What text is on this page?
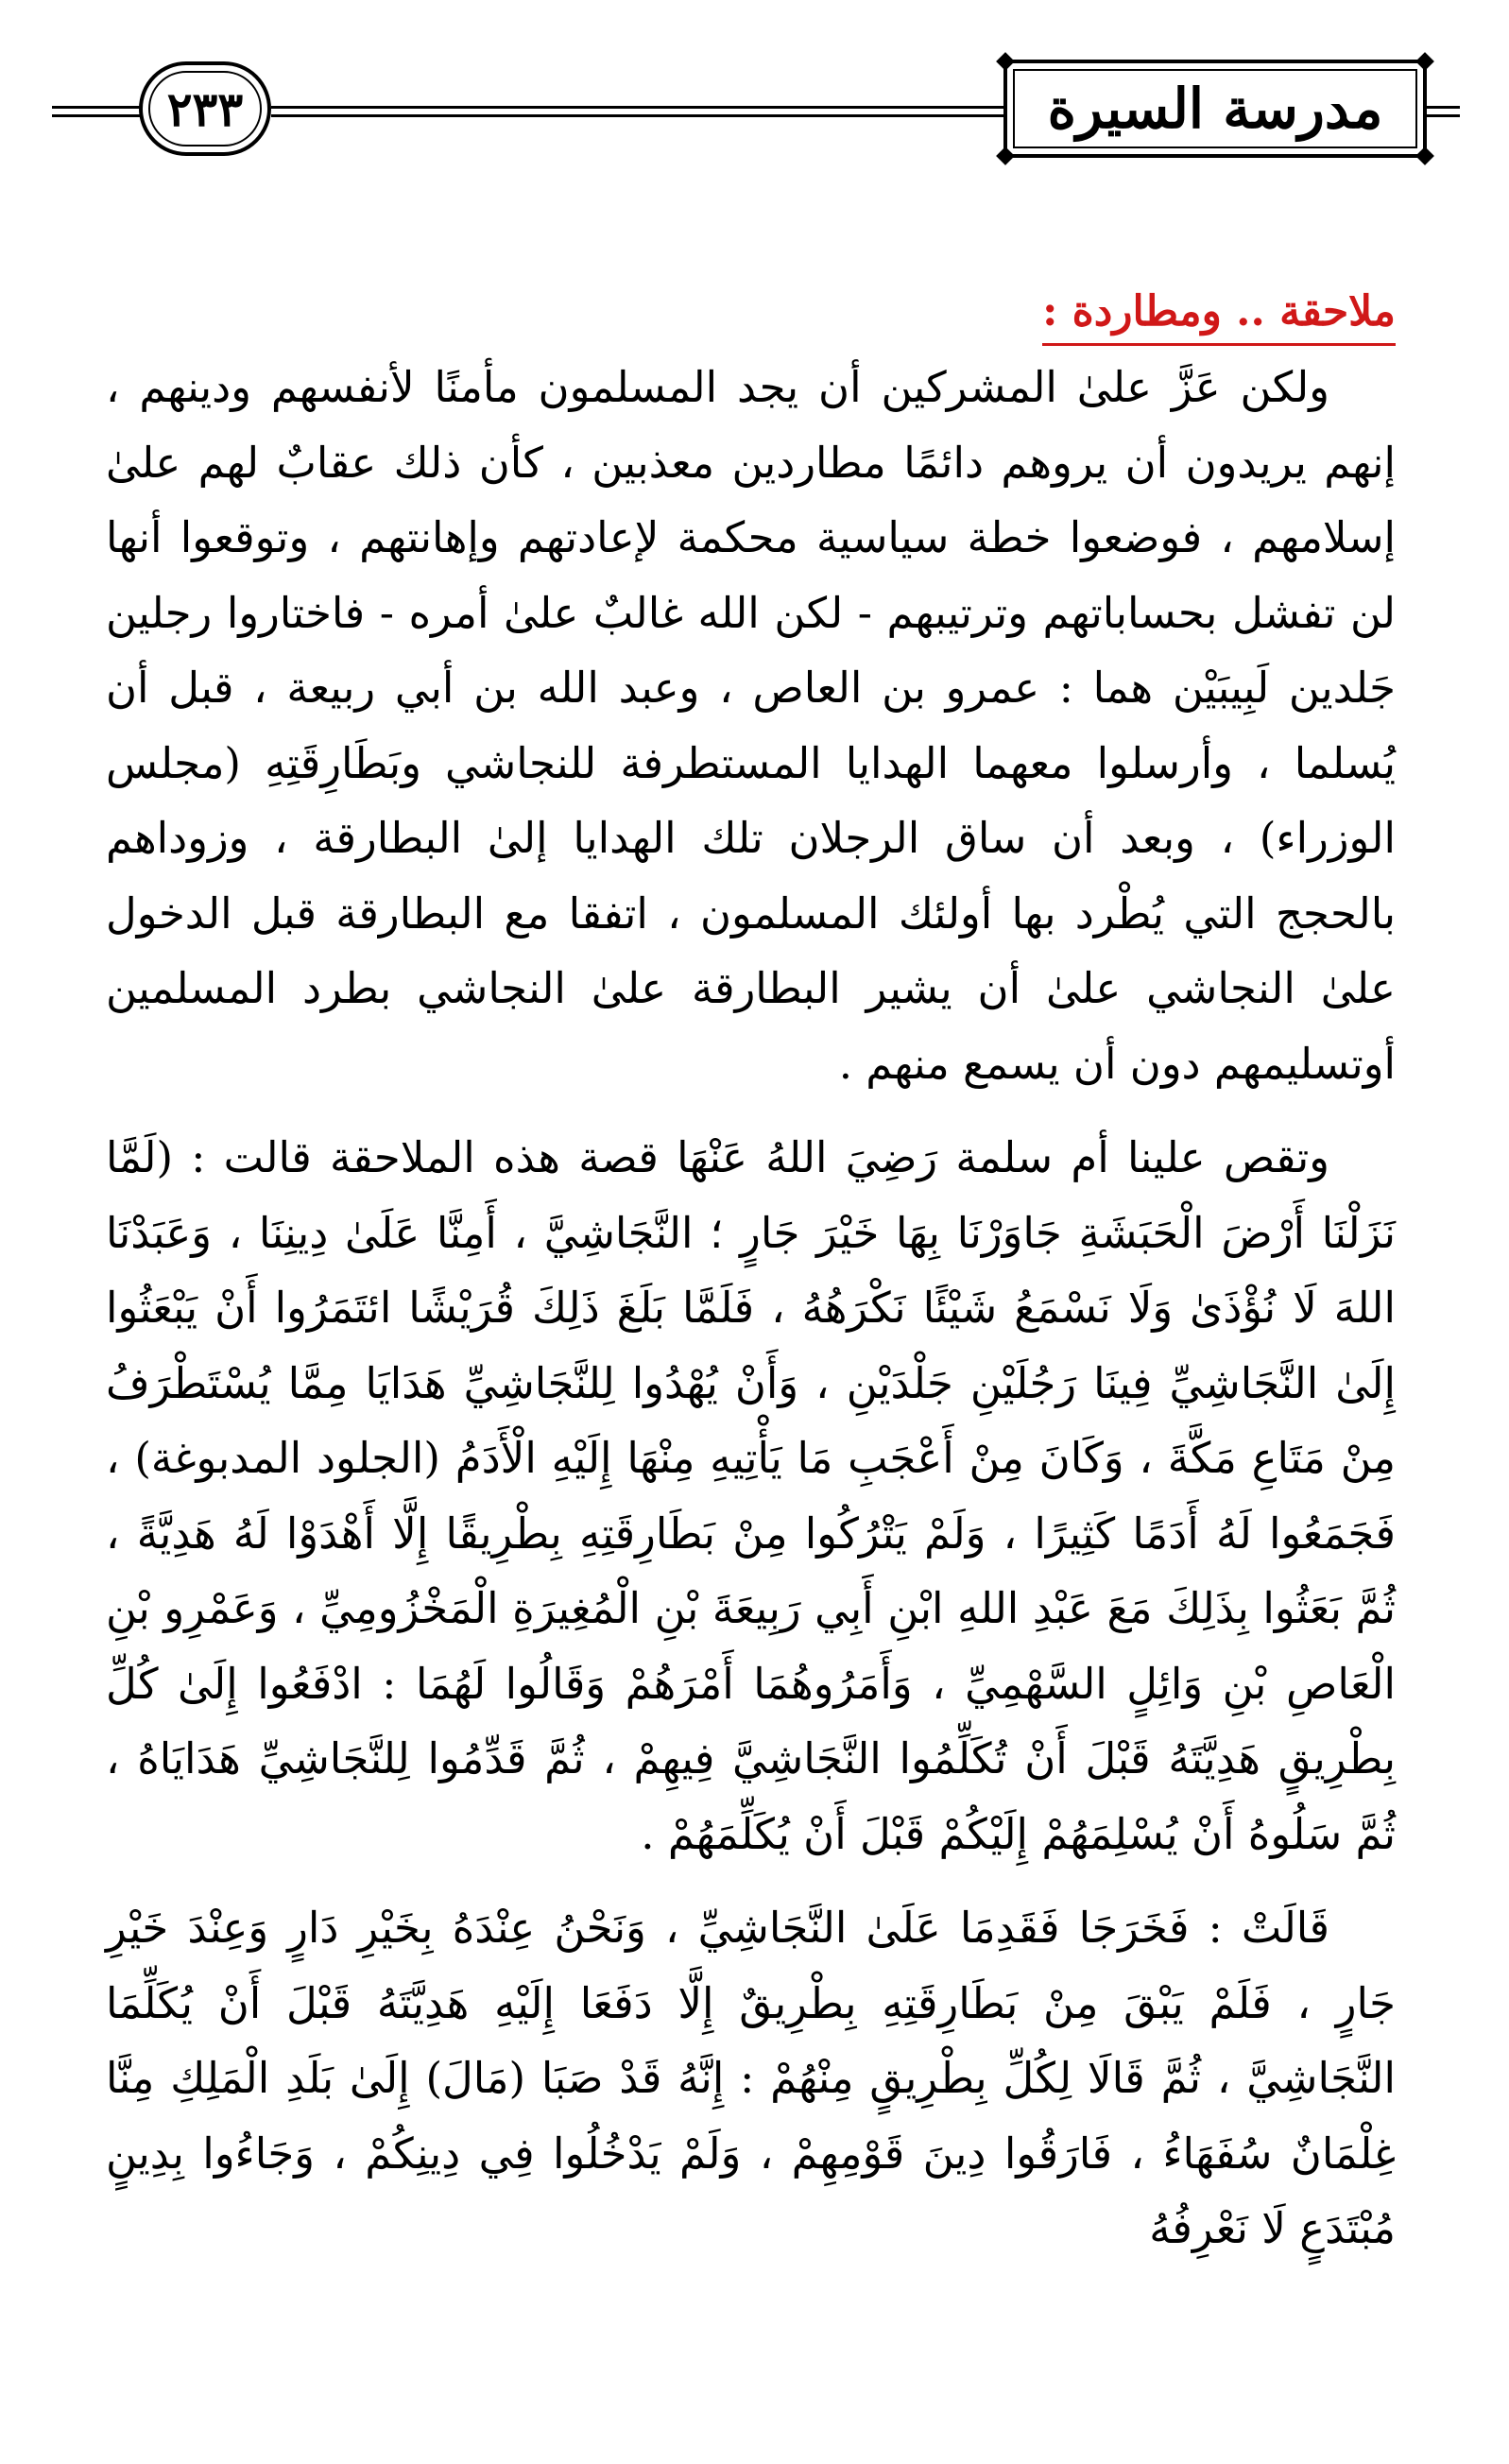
٢٣٣	مدرسة السيرة
ملاحقة .. ومطاردة :

ولكن عَزَّ علىٰ المشركين أن يجد المسلمون مأمنًا لأنفسهم ودينهم ، إنهم يريدون أن يروهم دائمًا مطاردين معذبين ، كأن ذلك عقابٌ لهم علىٰ إسلامهم ، فوضعوا خطة سياسية محكمة لإعادتهم وإهانتهم ، وتوقعوا أنها لن تفشل بحساباتهم وترتيبهم - لكن الله غالبٌ علىٰ أمره - فاختاروا رجلين جَلدين لَبِيبَيْن هما : عمرو بن العاص ، وعبد الله بن أبي ربيعة ، قبل أن يُسلما ، وأرسلوا معهما الهدايا المستطرفة للنجاشي وبَطَارِقَتِهِ (مجلس الوزراء) ، وبعد أن ساق الرجلان تلك الهدايا إلىٰ البطارقة ، وزوداهم بالحجج التي يُطْرد بها أولئك المسلمون ، اتفقا مع البطارقة قبل الدخول علىٰ النجاشي علىٰ أن يشير البطارقة علىٰ النجاشي بطرد المسلمين أوتسليمهم دون أن يسمع منهم .

وتقص علينا أم سلمة رَضِيَ اللهُ عَنْهَا قصة هذه الملاحقة قالت : (لَمَّا نَزَلْنَا أَرْضَ الْحَبَشَةِ جَاوَرْنَا بِهَا خَيْرَ جَارٍ ؛ النَّجَاشِيَّ ، أَمِنَّا عَلَىٰ دِينِنَا ، وَعَبَدْنَا اللهَ لَا نُؤْذَىٰ وَلَا نَسْمَعُ شَيْئًا نَكْرَهُهُ ، فَلَمَّا بَلَغَ ذَلِكَ قُرَيْشًا ائتَمَرُوا أَنْ يَبْعَثُوا إِلَىٰ النَّجَاشِيِّ فِينَا رَجُلَيْنِ جَلْدَيْنِ ، وَأَنْ يُهْدُوا لِلنَّجَاشِيِّ هَدَايَا مِمَّا يُسْتَطْرَفُ مِنْ مَتَاعِ مَكَّةَ ، وَكَانَ مِنْ أَعْجَبِ مَا يَأْتِيهِ مِنْهَا إِلَيْهِ الْأَدَمُ (الجلود المدبوغة) ، فَجَمَعُوا لَهُ أَدَمًا كَثِيرًا ، وَلَمْ يَتْرُكُوا مِنْ بَطَارِقَتِهِ بِطْرِيقًا إِلَّا أَهْدَوْا لَهُ هَدِيَّةً ، ثُمَّ بَعَثُوا بِذَلِكَ مَعَ عَبْدِ اللهِ ابْنِ أَبِي رَبِيعَةَ بْنِ الْمُغِيرَةِ الْمَخْزُومِيِّ ، وَعَمْرِو بْنِ الْعَاصِ بْنِ وَائِلٍ السَّهْمِيِّ ، وَأَمَرُوهُمَا أَمْرَهُمْ وَقَالُوا لَهُمَا : ادْفَعُوا إِلَىٰ كُلِّ بِطْرِيقٍ هَدِيَّتَهُ قَبْلَ أَنْ تُكَلِّمُوا النَّجَاشِيَّ فِيهِمْ ، ثُمَّ قَدِّمُوا لِلنَّجَاشِيِّ هَدَايَاهُ ، ثُمَّ سَلُوهُ أَنْ يُسْلِمَهُمْ إِلَيْكُمْ قَبْلَ أَنْ يُكَلِّمَهُمْ .

قَالَتْ : فَخَرَجَا فَقَدِمَا عَلَىٰ النَّجَاشِيِّ ، وَنَحْنُ عِنْدَهُ بِخَيْرِ دَارٍ وَعِنْدَ خَيْرِ جَارٍ ، فَلَمْ يَبْقَ مِنْ بَطَارِقَتِهِ بِطْرِيقٌ إِلَّا دَفَعَا إِلَيْهِ هَدِيَّتَهُ قَبْلَ أَنْ يُكَلِّمَا النَّجَاشِيَّ ، ثُمَّ قَالَا لِكُلِّ بِطْرِيقٍ مِنْهُمْ : إِنَّهُ قَدْ صَبَا (مَالَ) إِلَىٰ بَلَدِ الْمَلِكِ مِنَّا غِلْمَانٌ سُفَهَاءُ ، فَارَقُوا دِينَ قَوْمِهِمْ ، وَلَمْ يَدْخُلُوا فِي دِينِكُمْ ، وَجَاءُوا بِدِينٍ مُبْتَدَعٍ لَا نَعْرِفُهُ
